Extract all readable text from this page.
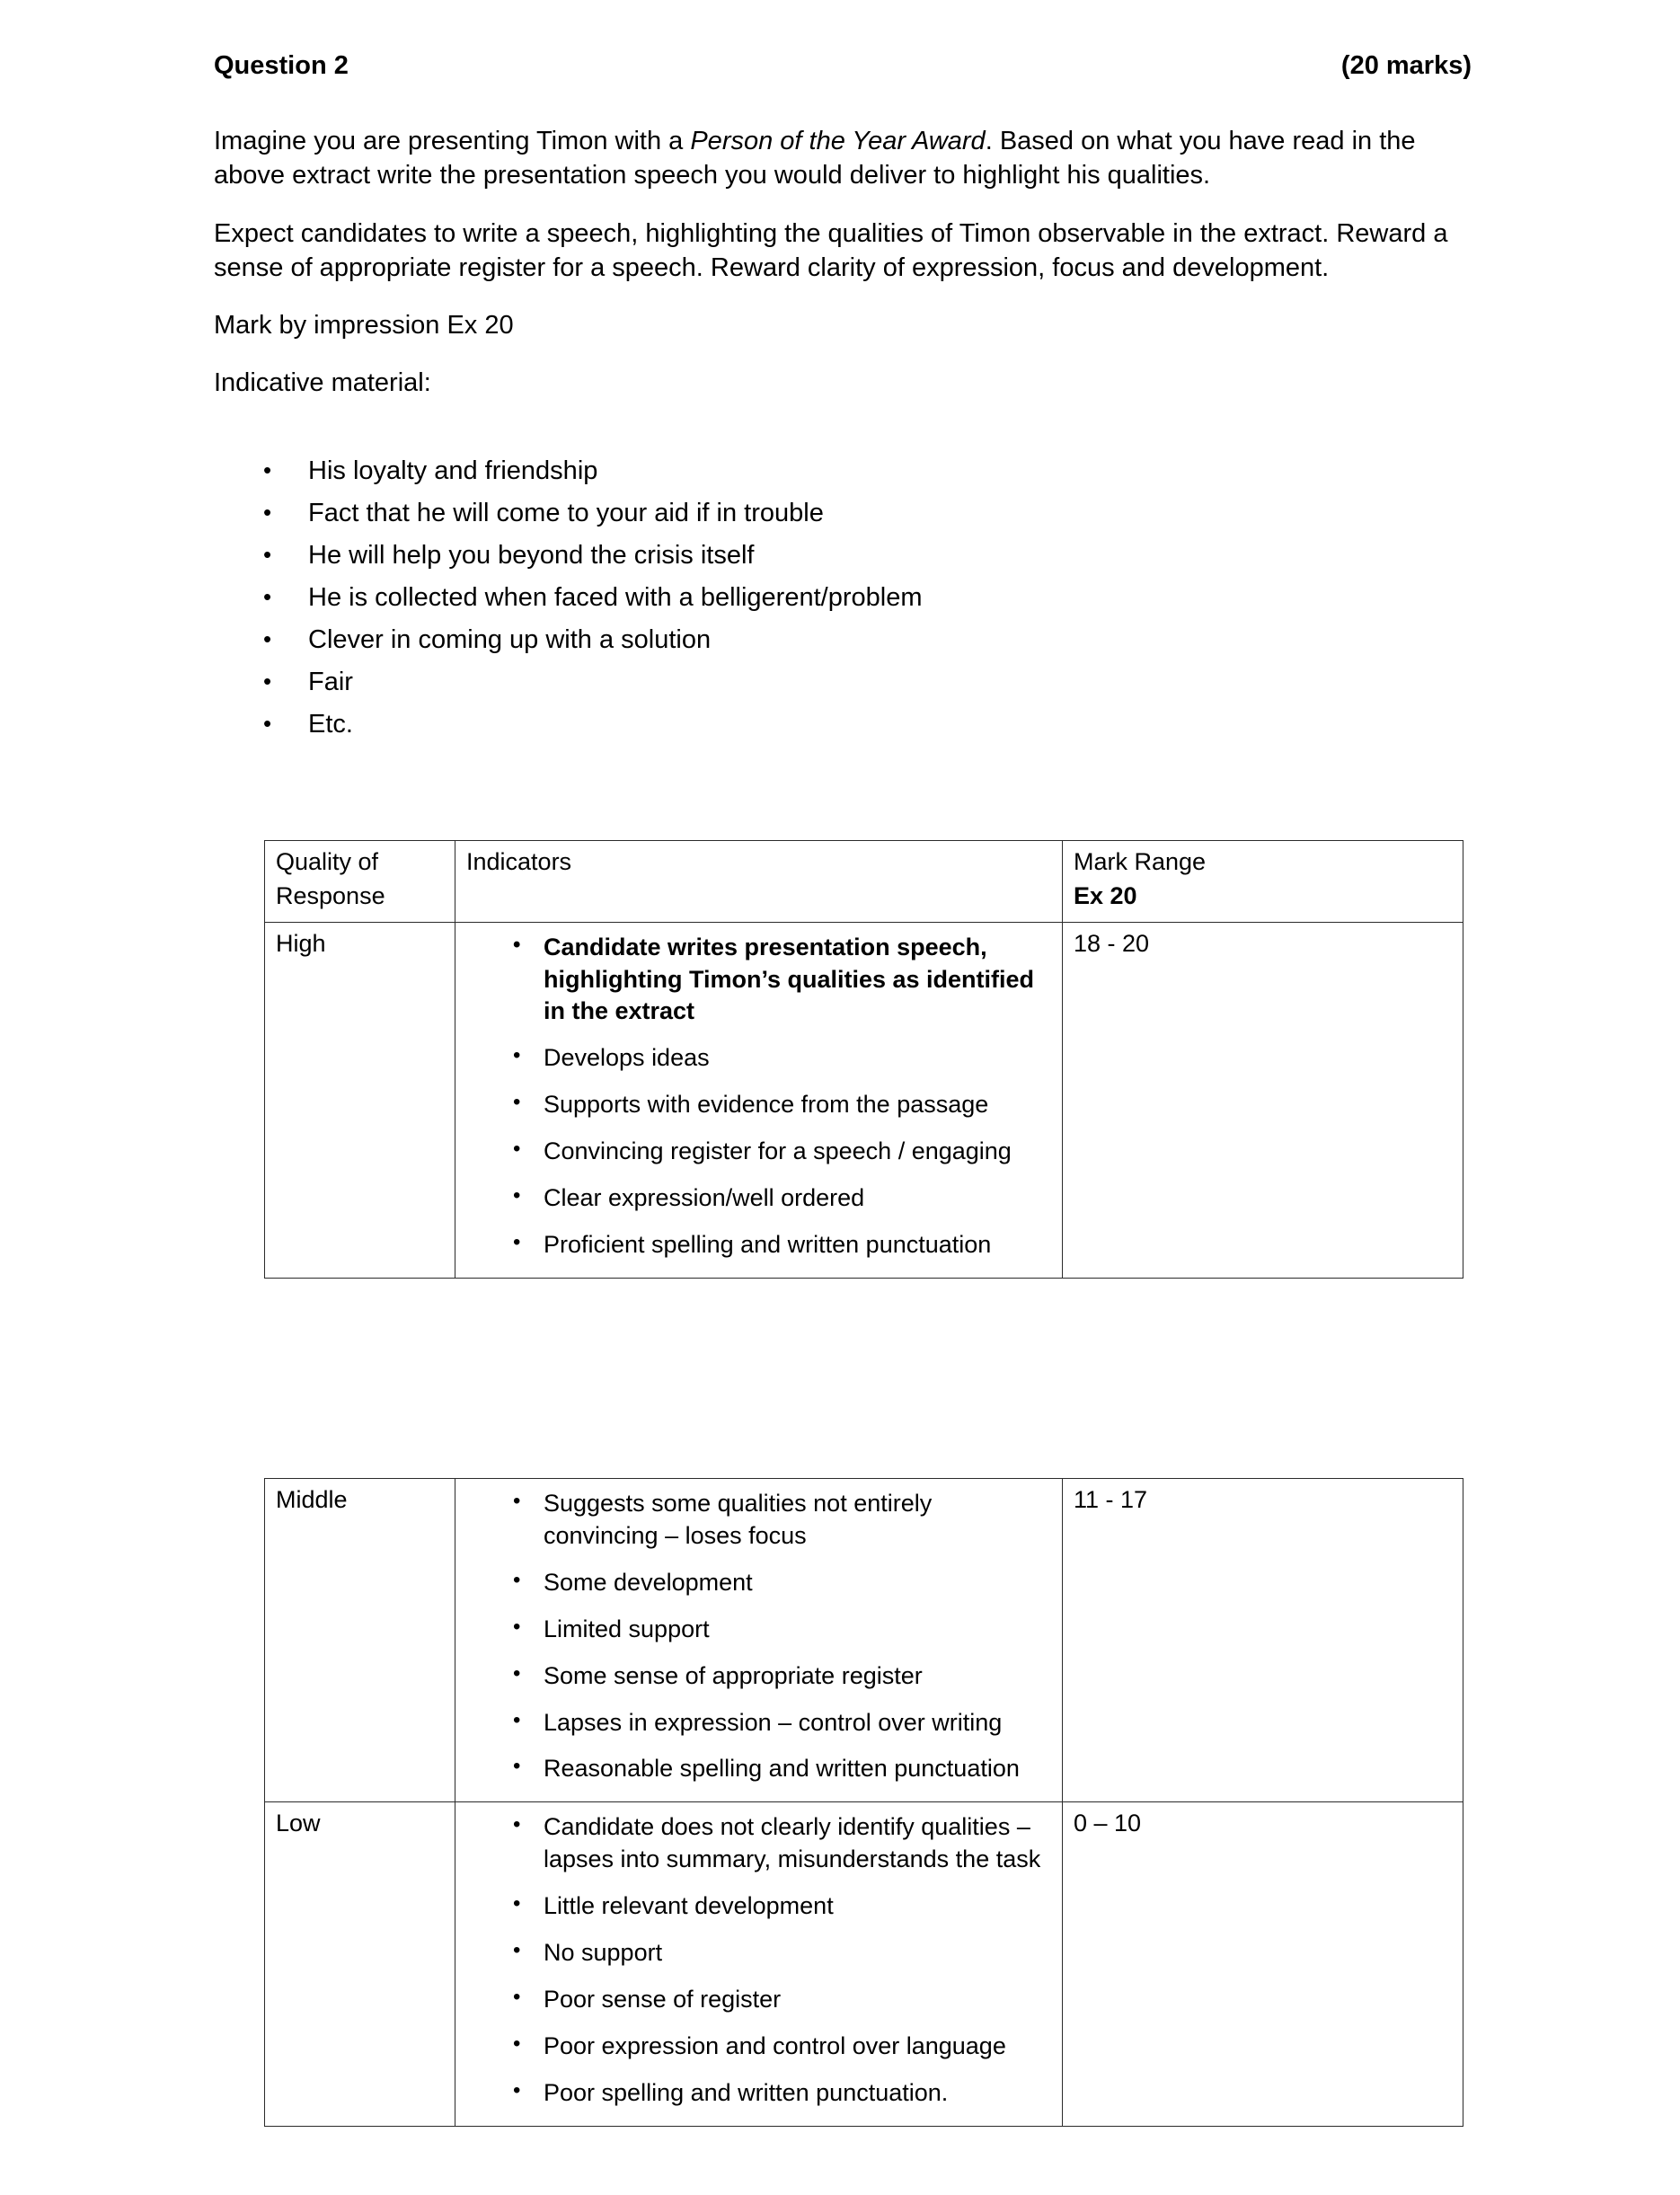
Question 2	(20 marks)

Imagine you are presenting Timon with a Person of the Year Award. Based on what you have read in the above extract write the presentation speech you would deliver to highlight his qualities.

Expect candidates to write a speech, highlighting the qualities of Timon observable in the extract. Reward a sense of appropriate register for a speech. Reward clarity of expression, focus and development.

Mark by impression Ex 20

Indicative material:

• His loyalty and friendship
• Fact that he will come to your aid if in trouble
• He will help you beyond the crisis itself
• He is collected when faced with a belligerent/problem
• Clever in coming up with a solution
• Fair
• Etc.
Quality of
Response	Indicators	Mark Range
Ex 20

High	• Candidate writes presentation speech, highlighting Timon’s qualities as identified in the extract
• Develops ideas
• Supports with evidence from the passage
• Convincing register for a speech / engaging
• Clear expression/well ordered
• Proficient spelling and written punctuation
	18 - 20
Middle	• Suggests some qualities not entirely convincing – loses focus
• Some development
• Limited support
• Some sense of appropriate register
• Lapses in expression – control over writing
• Reasonable spelling and written punctuation
	11 - 17
Low	• Candidate does not clearly identify qualities – lapses into summary, misunderstands the task
• Little relevant development
• No support
• Poor sense of register
• Poor expression and control over language
• Poor spelling and written punctuation.
	0 – 10
